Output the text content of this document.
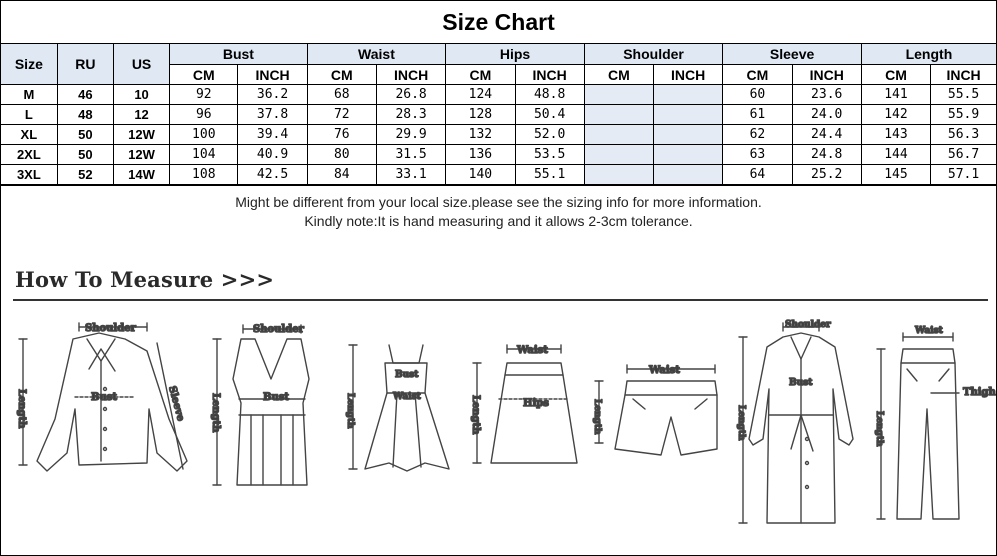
Size Chart
Size	RU	US	Bust		Waist		Hips		Shoulder		Sleeve		Length	
			CM	INCH	CM	INCH	CM	INCH	CM	INCH	CM	INCH	CM	INCH
M	46	10	92	36.2	68	26.8	124	48.8			60	23.6	141	55.5
L	48	12	96	37.8	72	28.3	128	50.4			61	24.0	142	55.9
XL	50	12W	100	39.4	76	29.9	132	52.0			62	24.4	143	56.3
2XL	50	12W	104	40.9	80	31.5	136	53.5			63	24.8	144	56.7
3XL	52	14W	108	42.5	84	33.1	140	55.1			64	25.2	145	57.1
Might be different from your local size.please see the sizing info for more information.
Kindly note:It is hand measuring and it allows 2-3cm tolerance.
How To Measure >>>
Shoulder
Bust
Length	Sleeve
Shoulder
Bust
Length
Bust
Waist
Length
Waist
Hips
Length
Waist
Length
Shoulder
Bust
Length
Waist
Thigh
Length
